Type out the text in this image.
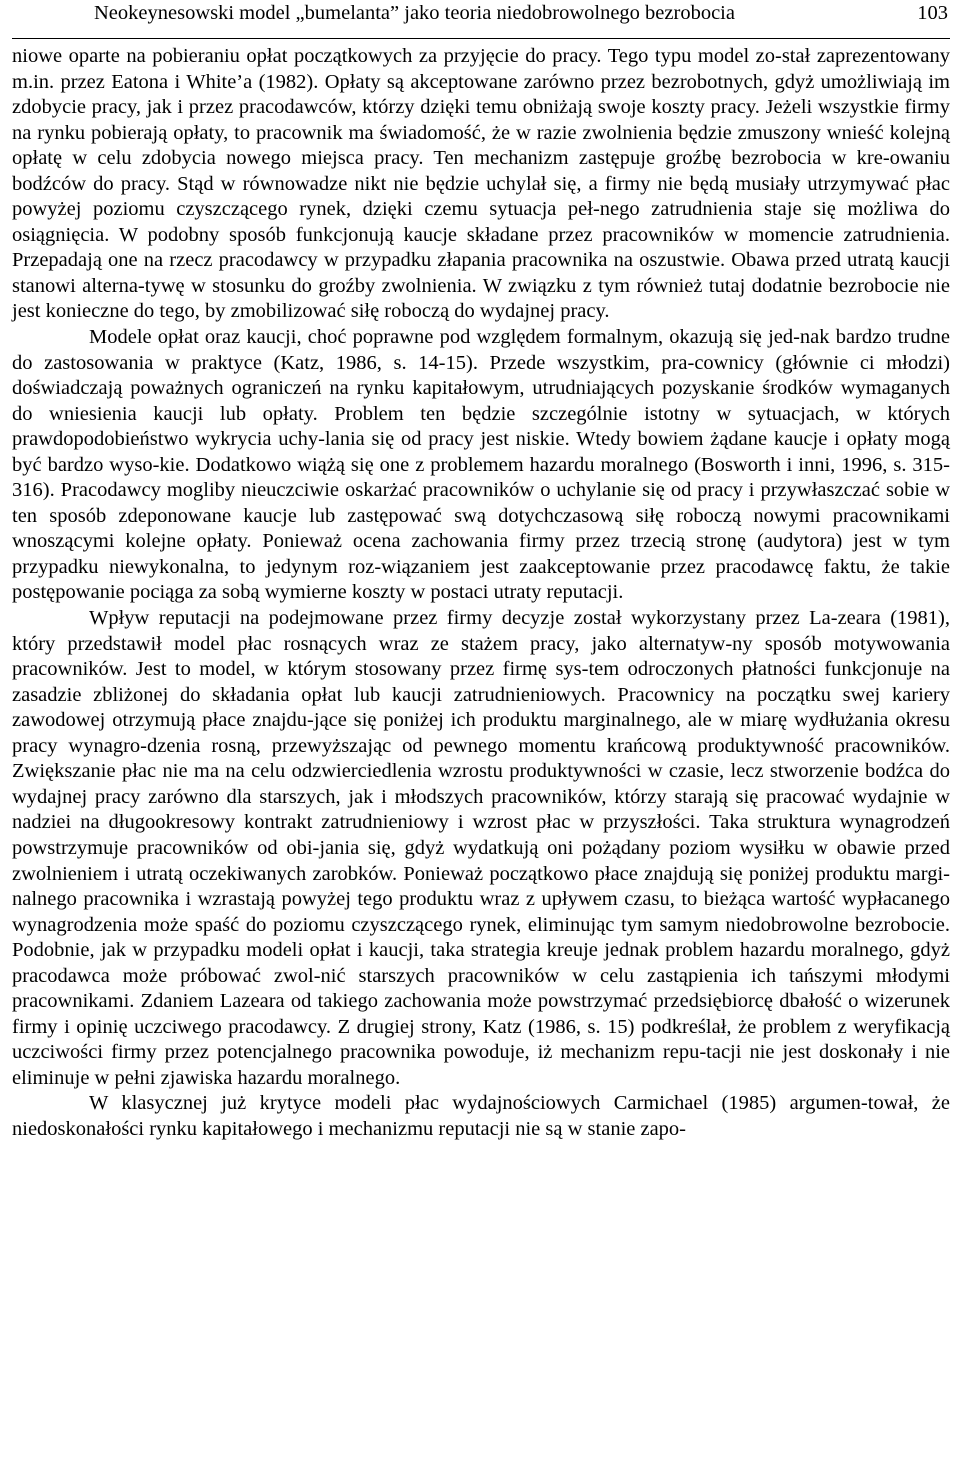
Neokeynesowski model „bumelanta” jako teoria niedobrowolnego bezrobocia	103

niowe oparte na pobieraniu opłat początkowych za przyjęcie do pracy. Tego typu model zo-stał zaprezentowany m.in. przez Eatona i White’a (1982). Opłaty są akceptowane zarówno przez bezrobotnych, gdyż umożliwiają im zdobycie pracy, jak i przez pracodawców, którzy dzięki temu obniżają swoje koszty pracy. Jeżeli wszystkie firmy na rynku pobierają opłaty, to pracownik ma świadomość, że w razie zwolnienia będzie zmuszony wnieść kolejną opłatę w celu zdobycia nowego miejsca pracy. Ten mechanizm zastępuje groźbę bezrobocia w kre-owaniu bodźców do pracy. Stąd w równowadze nikt nie będzie uchylał się, a firmy nie będą musiały utrzymywać płac powyżej poziomu czyszczącego rynek, dzięki czemu sytuacja peł-nego zatrudnienia staje się możliwa do osiągnięcia. W podobny sposób funkcjonują kaucje składane przez pracowników w momencie zatrudnienia. Przepadają one na rzecz pracodawcy w przypadku złapania pracownika na oszustwie. Obawa przed utratą kaucji stanowi alterna-tywę w stosunku do groźby zwolnienia. W związku z tym również tutaj dodatnie bezrobocie nie jest konieczne do tego, by zmobilizować siłę roboczą do wydajnej pracy.

Modele opłat oraz kaucji, choć poprawne pod względem formalnym, okazują się jed-nak bardzo trudne do zastosowania w praktyce (Katz, 1986, s. 14-15). Przede wszystkim, pra-cownicy (głównie ci młodzi) doświadczają poważnych ograniczeń na rynku kapitałowym, utrudniających pozyskanie środków wymaganych do wniesienia kaucji lub opłaty. Problem ten będzie szczególnie istotny w sytuacjach, w których prawdopodobieństwo wykrycia uchy-lania się od pracy jest niskie. Wtedy bowiem żądane kaucje i opłaty mogą być bardzo wyso-kie. Dodatkowo wiążą się one z problemem hazardu moralnego (Bosworth i inni, 1996, s. 315-316). Pracodawcy mogliby nieuczciwie oskarżać pracowników o uchylanie się od pracy i przywłaszczać sobie w ten sposób zdeponowane kaucje lub zastępować swą dotychczasową siłę roboczą nowymi pracownikami wnoszącymi kolejne opłaty. Ponieważ ocena zachowania firmy przez trzecią stronę (audytora) jest w tym przypadku niewykonalna, to jedynym roz-wiązaniem jest zaakceptowanie przez pracodawcę faktu, że takie postępowanie pociąga za sobą wymierne koszty w postaci utraty reputacji.

Wpływ reputacji na podejmowane przez firmy decyzje został wykorzystany przez La-zeara (1981), który przedstawił model płac rosnących wraz ze stażem pracy, jako alternatyw-ny sposób motywowania pracowników. Jest to model, w którym stosowany przez firmę sys-tem odroczonych płatności funkcjonuje na zasadzie zbliżonej do składania opłat lub kaucji zatrudnieniowych. Pracownicy na początku swej kariery zawodowej otrzymują płace znajdu-jące się poniżej ich produktu marginalnego, ale w miarę wydłużania okresu pracy wynagro-dzenia rosną, przewyższając od pewnego momentu krańcową produktywność pracowników. Zwiększanie płac nie ma na celu odzwierciedlenia wzrostu produktywności w czasie, lecz stworzenie bodźca do wydajnej pracy zarówno dla starszych, jak i młodszych pracowników, którzy starają się pracować wydajnie w nadziei na długookresowy kontrakt zatrudnieniowy i wzrost płac w przyszłości. Taka struktura wynagrodzeń powstrzymuje pracowników od obi-jania się, gdyż wydatkują oni pożądany poziom wysiłku w obawie przed zwolnieniem i utratą oczekiwanych zarobków. Ponieważ początkowo płace znajdują się poniżej produktu margi-nalnego pracownika i wzrastają powyżej tego produktu wraz z upływem czasu, to bieżąca wartość wypłacanego wynagrodzenia może spaść do poziomu czyszczącego rynek, eliminując tym samym niedobrowolne bezrobocie. Podobnie, jak w przypadku modeli opłat i kaucji, taka strategia kreuje jednak problem hazardu moralnego, gdyż pracodawca może próbować zwol-nić starszych pracowników w celu zastąpienia ich tańszymi młodymi pracownikami. Zdaniem Lazeara od takiego zachowania może powstrzymać przedsiębiorcę dbałość o wizerunek firmy i opinię uczciwego pracodawcy. Z drugiej strony, Katz (1986, s. 15) podkreślał, że problem z weryfikacją uczciwości firmy przez potencjalnego pracownika powoduje, iż mechanizm repu-tacji nie jest doskonały i nie eliminuje w pełni zjawiska hazardu moralnego.

W klasycznej już krytyce modeli płac wydajnościowych Carmichael (1985) argumen-tował, że niedoskonałości rynku kapitałowego i mechanizmu reputacji nie są w stanie zapo-
